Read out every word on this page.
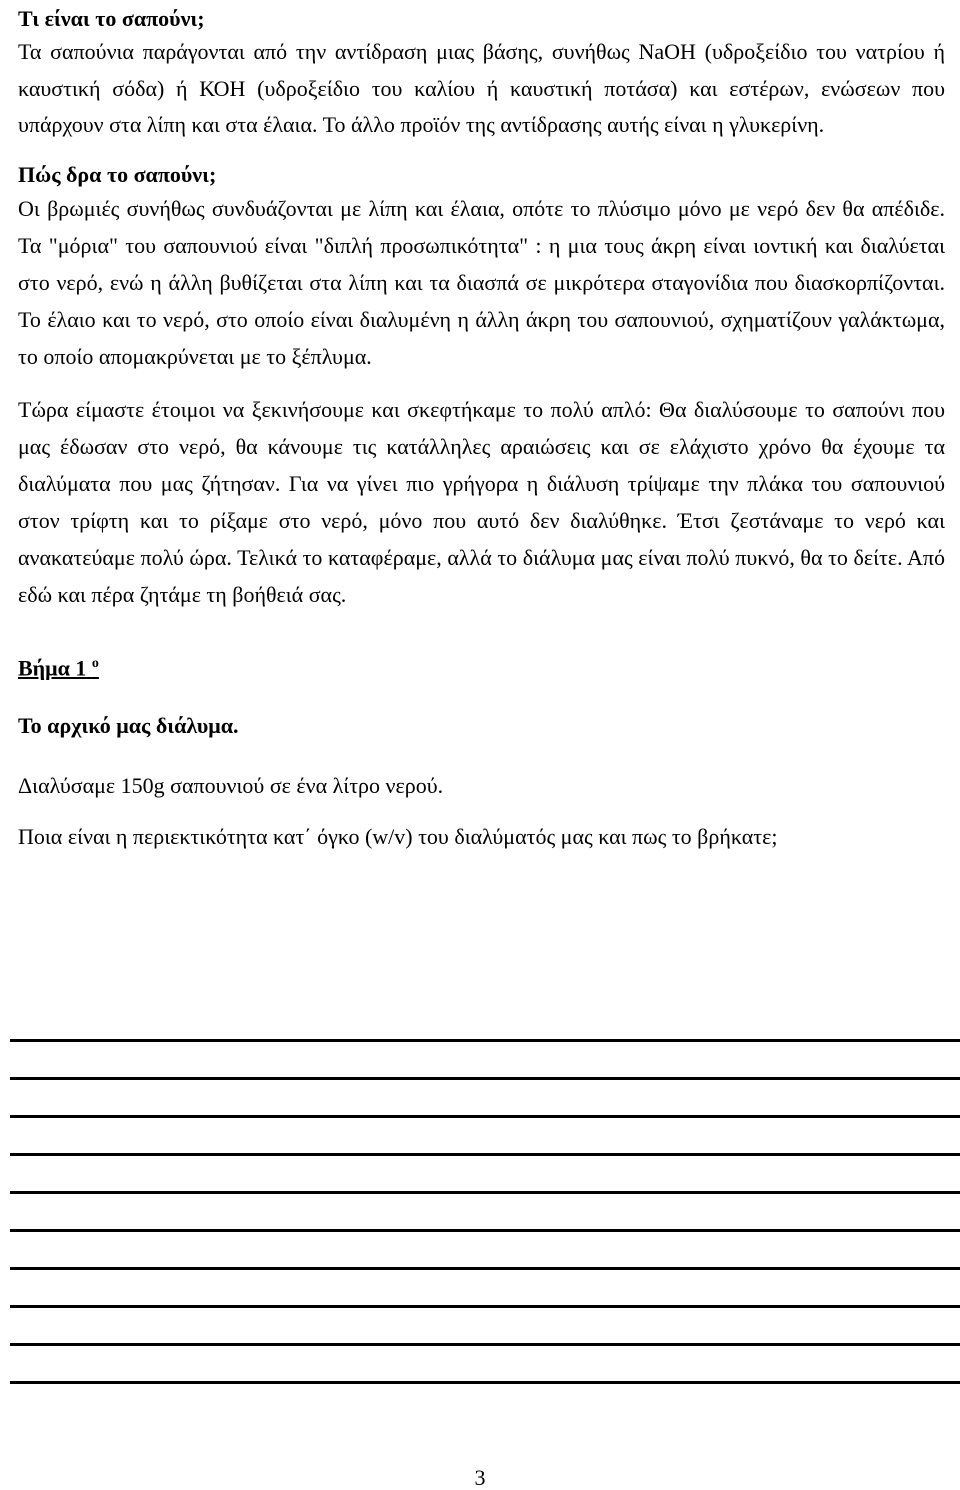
Τι είναι το σαπούνι;

Τα σαπούνια παράγονται από την αντίδραση μιας βάσης, συνήθως ΝaOH (υδροξείδιο του νατρίου ή καυστική σόδα) ή ΚΟΗ (υδροξείδιο του καλίου ή καυστική ποτάσα) και εστέρων, ενώσεων που υπάρχουν στα λίπη και στα έλαια. Το άλλο προϊόν της αντίδρασης αυτής είναι η γλυκερίνη.

Πώς δρα το σαπούνι;

Οι βρωμιές συνήθως συνδυάζονται με λίπη και έλαια, οπότε το πλύσιμο μόνο με νερό δεν θα απέδιδε. Τα "μόρια" του σαπουνιού είναι "διπλή προσωπικότητα" : η μια τους άκρη είναι ιοντική και διαλύεται στο νερό, ενώ η άλλη βυθίζεται στα λίπη και τα διασπά σε μικρότερα σταγονίδια που διασκορπίζονται. Το έλαιο και το νερό, στο οποίο είναι διαλυμένη η άλλη άκρη του σαπουνιού, σχηματίζουν γαλάκτωμα, το οποίο απομακρύνεται με το ξέπλυμα.

Τώρα είμαστε έτοιμοι να ξεκινήσουμε και σκεφτήκαμε το πολύ απλό: Θα διαλύσουμε το σαπούνι που μας έδωσαν στο νερό, θα κάνουμε τις κατάλληλες αραιώσεις και σε ελάχιστο χρόνο θα έχουμε τα διαλύματα που μας ζήτησαν. Για να γίνει πιο γρήγορα η διάλυση τρίψαμε την πλάκα του σαπουνιού στον τρίφτη και το ρίξαμε στο νερό, μόνο που αυτό δεν διαλύθηκε. Έτσι ζεστάναμε το νερό και ανακατεύαμε πολύ ώρα. Τελικά το καταφέραμε, αλλά το διάλυμα μας είναι πολύ πυκνό, θα το δείτε. Από εδώ και πέρα ζητάμε τη βοήθειά σας.

Βήμα 1 $^o$

Το αρχικό μας διάλυμα.

Διαλύσαμε 150g σαπουνιού σε ένα λίτρο νερού.

Ποια είναι η περιεκτικότητα κατ΄ όγκο (w/v) του διαλύματός μας και πως το βρήκατε;

3
